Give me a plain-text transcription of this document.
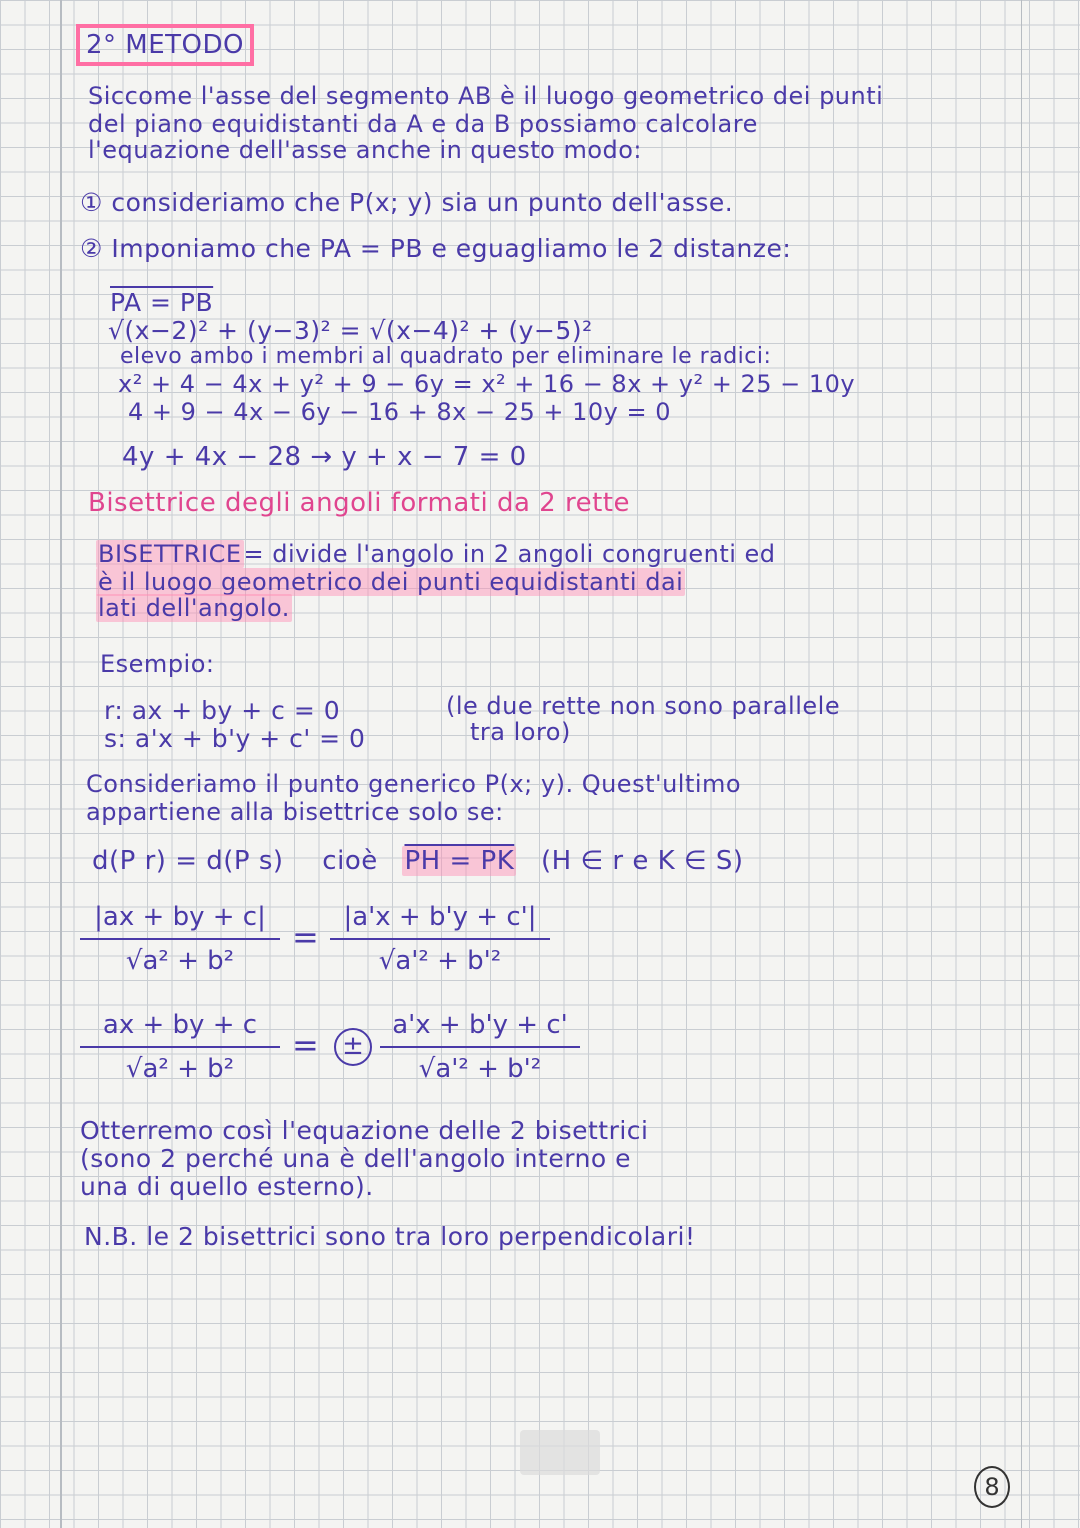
2° METODO
Siccome l'asse del segmento AB è il luogo geometrico dei punti
del piano equidistanti da A e da B possiamo calcolare
l'equazione dell'asse anche in questo modo:
① consideriamo che P(x; y) sia un punto dell'asse.
② Imponiamo che PA = PB e eguagliamo le 2 distanze:
PA = PB
√(x−2)² + (y−3)² = √(x−4)² + (y−5)²
elevo ambo i membri al quadrato per eliminare le radici:
x² + 4 − 4x + y² + 9 − 6y = x² + 16 − 8x + y² + 25 − 10y
4 + 9 − 4x − 6y − 16 + 8x − 25 + 10y = 0
4y + 4x − 28 → y + x − 7 = 0
Bisettrice degli angoli formati da 2 rette
BISETTRICE= divide l'angolo in 2 angoli congruenti ed
è il luogo geometrico dei punti equidistanti dai
lati dell'angolo.
Esempio:
r: ax + by + c = 0
s: a'x + b'y + c' = 0
(le due rette non sono parallele
tra loro)
Consideriamo il punto generico P(x; y). Quest'ultimo
appartiene alla bisettrice solo se:
d(P r) = d(P s) cioè PH = PK (H ∈ r e K ∈ S)
|ax + by + c|
√a² + b²
=
|a'x + b'y + c'|
√a'² + b'²
ax + by + c
√a² + b²
= ±
a'x + b'y + c'
√a'² + b'²
Otterremo così l'equazione delle 2 bisettrici
(sono 2 perché una è dell'angolo interno e
una di quello esterno).
N.B. le 2 bisettrici sono tra loro perpendicolari!
8
